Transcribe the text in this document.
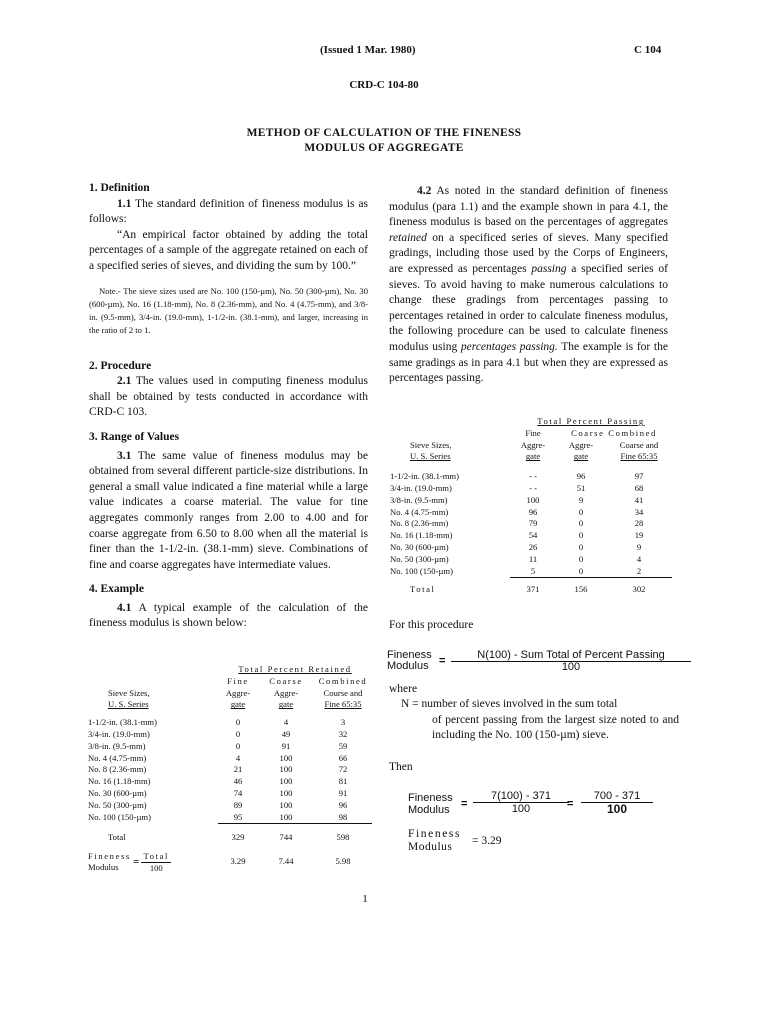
(Issued 1 Mar. 1980)	C 104
CRD-C 104-80
METHOD OF CALCULATION OF THE FINENESS
MODULUS OF AGGREGATE
1. Definition

1.1 The standard definition of fineness modulus is as follows:

“An empirical factor obtained by adding the total percentages of a sample of the aggregate retained on each of a specified series of sieves, and dividing the sum by 100.”

Note.- The sieve sizes used are No. 100 (150-µm), No. 50 (300-µm), No. 30 (600-µm), No. 16 (1.18-mm), No. 8 (2.36-mm), and No. 4 (4.75-mm), and 3/8-in. (9.5-mm), 3/4-in. (19.0-mm), 1-1/2-in. (38.1-mm), and larger, increasing in the ratio of 2 to 1.

2. Procedure

2.1 The values used in computing fineness modulus shall be obtained by tests conducted in accordance with CRD-C 103.

3. Range of Values

3.1 The same value of fineness modulus may be obtained from several different particle-size distributions. In general a small value indicated a fine material while a large value indicates a coarse material. The value for tine aggregates commonly ranges from 2.00 to 4.00 and for coarse aggregate from 6.50 to 8.00 when all the material is finer than the 1-1/2-in. (38.1-mm) sieve. Combinations of fine and coarse aggregates have intermediate values.

4. Example

4.1 A typical example of the calculation of the fineness modulus is shown below:

	Total Percent Retained		
	Fine	Coarse	Combined
Sieve Sizes,	Aggre-	Aggre-	Course and
U. S. Series	gate	gate	Fine 65:35

1-1/2-in. (38.1-mm)	0	4	3
3/4-in. (19.0-mm)	0	49	32
3/8-in. (9.5-mm)	0	91	59
No. 4 (4.75-mm)	4	100	66
No. 8 (2.36-mm)	21	100	72
No. 16 (1.18-mm)	46	100	81
No. 30 (600-µm)	74	100	91
No. 50 (300-µm)	89	100	96
No. 100 (150-µm)	95	100	98

Total	329	744	598

Fineness
Modulus = $\frac{\text{Total}}{100}$	3.29	7.44	5.98

4.2 As noted in the standard definition of fineness modulus (para 1.1) and the example shown in para 4.1, the fineness modulus is based on the percentages of aggregates retained on a specificed series of sieves. Many specified gradings, including those used by the Corps of Engineers, are expressed as percentages passing a specified series of sieves. To avoid having to make numerous calculations to change these gradings from percentages passing to percentages retained in order to calculate fineness modulus, the following procedure can be used to calculate fineness modulus using percentages passing. The example is for the same gradings as in para 4.1 but when they are expressed as percentages passing.

	Total Percent Passing		
	Fine	Coarse Combined	
Sieve Sizes,	Aggre-	Aggre-	Coarse and
U. S. Series	gate	gate	Fine 65:35

1-1/2-in. (38.1-mm)	- -	96	97
3/4-in. (19.0-mm)	- -	51	68
3/8-in. (9.5-mm)	100	9	41
No. 4 (4.75-mm)	96	0	34
No. 8 (2.36-mm)	79	0	28
No. 16 (1.18-mm)	54	0	19
No. 30 (600-µm)	26	0	9
No. 50 (300-µm)	11	0	4
No. 100 (150-µm)	5	0	2

Total	371	156	302
For this procedure
Fineness
Modulus =	N(100) - Sum Total of Percent Passing
100
where
N = number of sieves involved in the sum total
of percent passing from the largest size noted to and including the No. 100 (150-µm) sieve.
Then
Fineness
Modulus = $\frac{7(100) - 371}{100}$
= $\frac{700 - 371}{100}$
Fineness
Modulus	= 3.29
1
